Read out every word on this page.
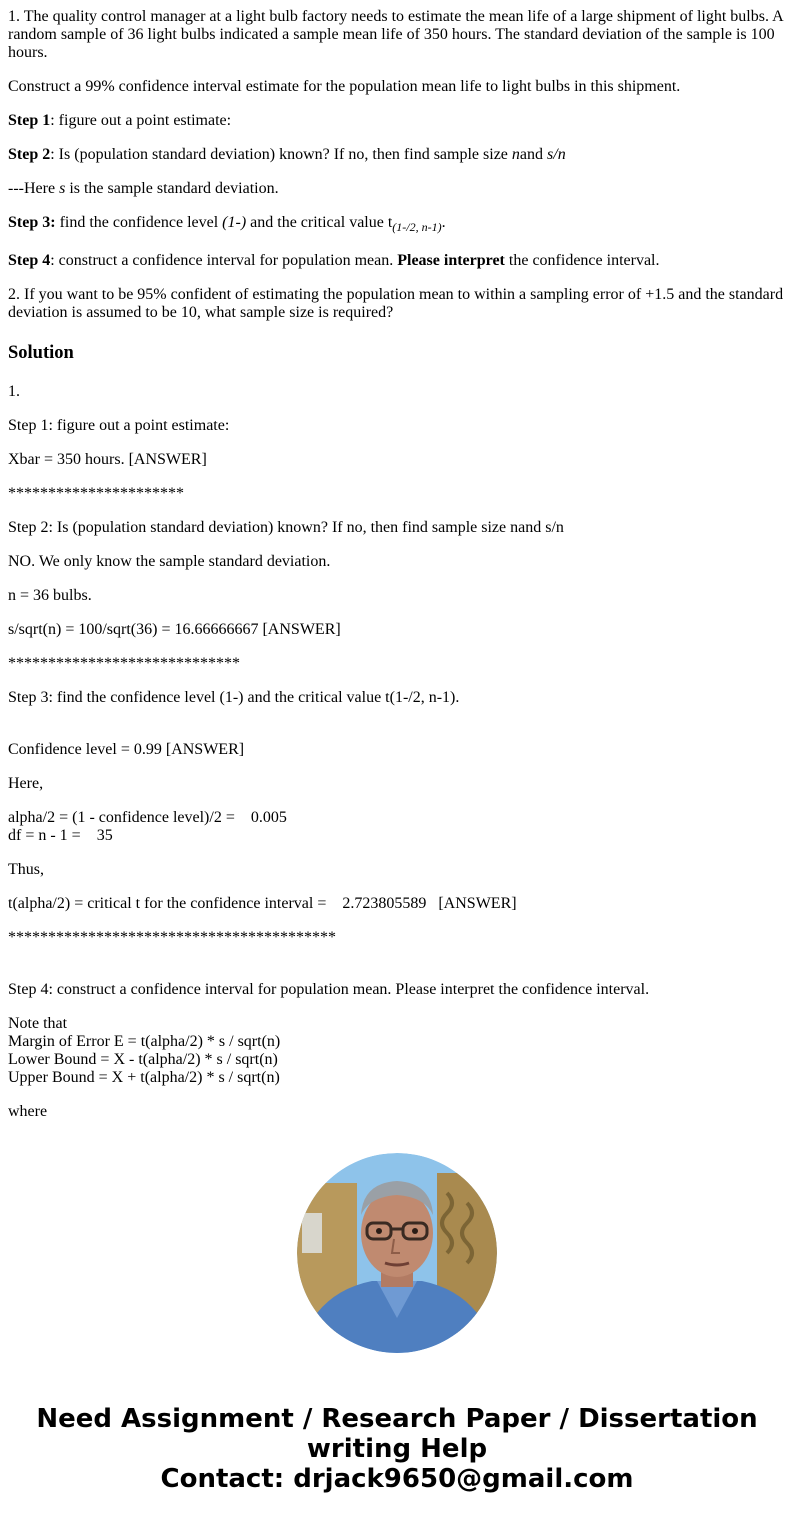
1. The quality control manager at a light bulb factory needs to estimate the mean life of a large shipment of light bulbs. A random sample of 36 light bulbs indicated a sample mean life of 350 hours. The standard deviation of the sample is 100 hours.

Construct a 99% confidence interval estimate for the population mean life to light bulbs in this shipment.

Step 1: figure out a point estimate:

Step 2: Is (population standard deviation) known? If no, then find sample size nand s/n

---Here s is the sample standard deviation.

Step 3: find the confidence level (1-) and the critical value $t_{(1-/2, n-1)}$.

Step 4: construct a confidence interval for population mean. Please interpret the confidence interval.

2. If you want to be 95% confident of estimating the population mean to within a sampling error of +1.5 and the standard deviation is assumed to be 10, what sample size is required?

Solution

1.

Step 1: figure out a point estimate:

Xbar = 350 hours. [ANSWER]

**********************

Step 2: Is (population standard deviation) known? If no, then find sample size nand s/n

NO. We only know the sample standard deviation.

n = 36 bulbs.

s/sqrt(n) = 100/sqrt(36) = 16.66666667 [ANSWER]

*****************************

Step 3: find the confidence level (1-) and the critical value t(1-/2, n-1).

Confidence level = 0.99 [ANSWER]

Here,

alpha/2 = (1 - confidence level)/2 =    0.005
df = n - 1 =    35

Thus,

t(alpha/2) = critical t for the confidence interval =    2.723805589   [ANSWER]

*****************************************

Step 4: construct a confidence interval for population mean. Please interpret the confidence interval.

Note that
Margin of Error E = t(alpha/2) * s / sqrt(n)
Lower Bound = X - t(alpha/2) * s / sqrt(n)
Upper Bound = X + t(alpha/2) * s / sqrt(n)

where

Need Assignment / Research Paper / Dissertation
writing Help
Contact: drjack9650@gmail.com
